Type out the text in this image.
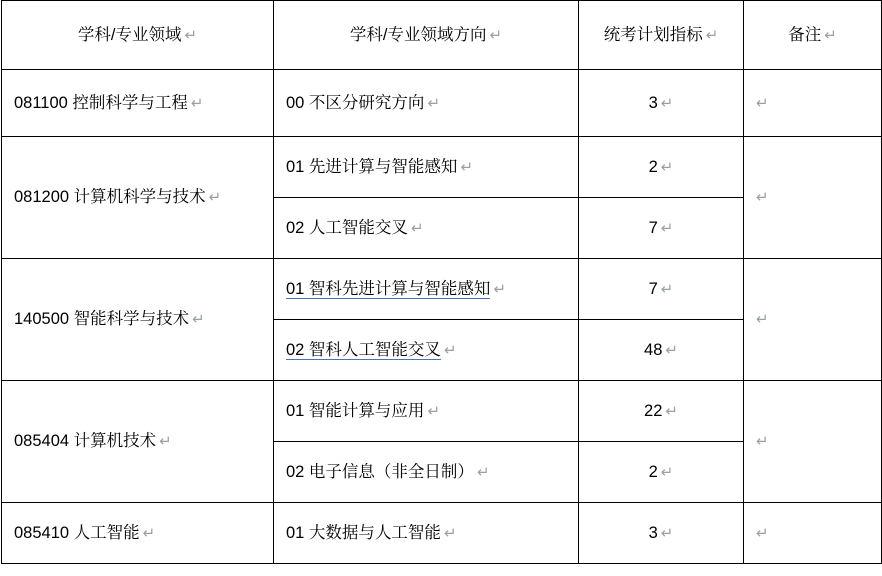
学科/专业领域 ↵	学科/专业领域方向 ↵	统考计划指标 ↵	备注 ↵
081100 控制科学与工程 ↵	00 不区分研究方向 ↵	3 ↵	↵
081200 计算机科学与技术 ↵	01 先进计算与智能感知 ↵	2 ↵	↵
	02 人工智能交叉 ↵	7 ↵	
140500 智能科学与技术 ↵	01 智科先进计算与智能感知 ↵	7 ↵	↵
	02 智科人工智能交叉 ↵	48 ↵	
085404 计算机技术 ↵	01 智能计算与应用 ↵	22 ↵	↵
	02 电子信息（非全日制） ↵	2 ↵	
085410 人工智能 ↵	01 大数据与人工智能 ↵	3 ↵	↵
